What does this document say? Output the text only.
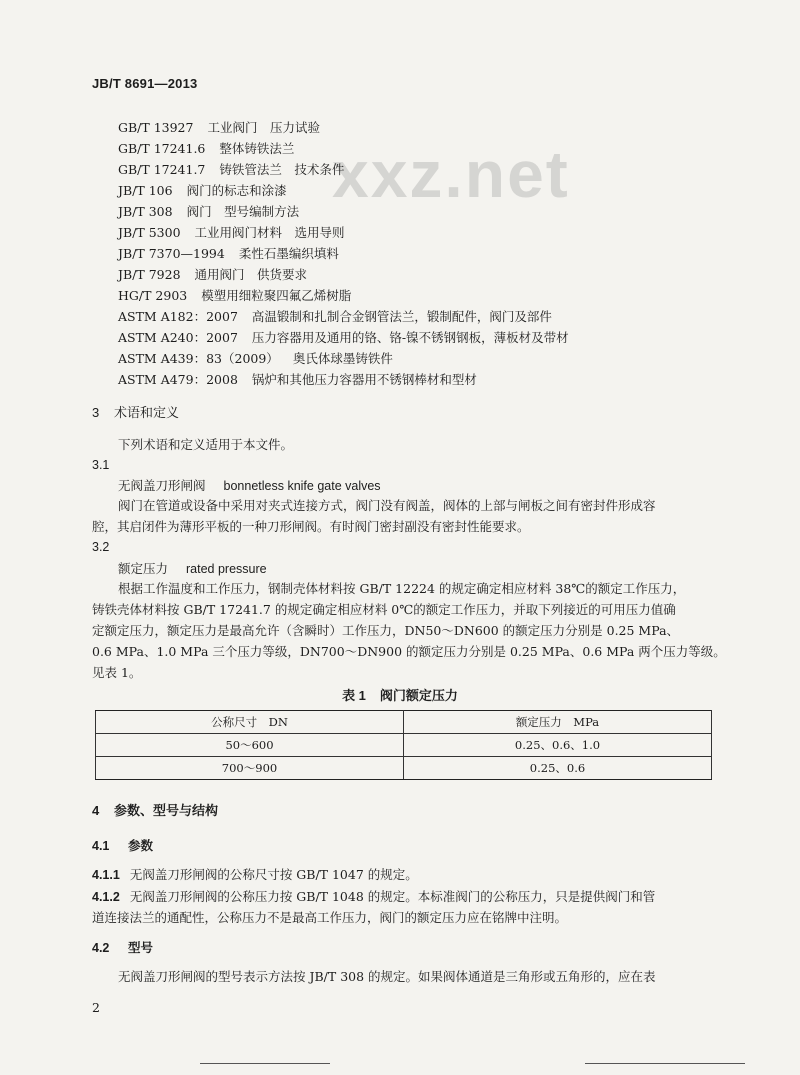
JB/T 8691—2013
xxz.net
GB/T 13927 工业阀门　压力试验
GB/T 17241.6 整体铸铁法兰
GB/T 17241.7 铸铁管法兰　技术条件
JB/T 106 阀门的标志和涂漆
JB/T 308 阀门　型号编制方法
JB/T 5300 工业用阀门材料　选用导则
JB/T 7370—1994 柔性石墨编织填料
JB/T 7928 通用阀门　供货要求
HG/T 2903 模塑用细粒聚四氟乙烯树脂
ASTM A182：2007 高温锻制和扎制合金钢管法兰，锻制配件，阀门及部件
ASTM A240：2007 压力容器用及通用的铬、铬-镍不锈钢钢板，薄板材及带材
ASTM A439：83（2009） 奥氏体球墨铸铁件
ASTM A479：2008 锅炉和其他压力容器用不锈钢棒材和型材
3 术语和定义
下列术语和定义适用于本文件。
3.1
无阀盖刀形闸阀 bonnetless knife gate valves
阀门在管道或设备中采用对夹式连接方式，阀门没有阀盖，阀体的上部与闸板之间有密封件形成容
腔，其启闭件为薄形平板的一种刀形闸阀。有时阀门密封副没有密封性能要求。
3.2
额定压力 rated pressure
根据工作温度和工作压力，钢制壳体材料按 GB/T 12224 的规定确定相应材料 38℃的额定工作压力，
铸铁壳体材料按 GB/T 17241.7 的规定确定相应材料 0℃的额定工作压力，并取下列接近的可用压力值确
定额定压力，额定压力是最高允许（含瞬时）工作压力，DN50～DN600 的额定压力分别是 0.25 MPa、
0.6 MPa、1.0 MPa 三个压力等级，DN700～DN900 的额定压力分别是 0.25 MPa、0.6 MPa 两个压力等级。
见表 1。
表 1 阀门额定压力
公称尺寸　DN	额定压力　MPa
50～600	0.25、0.6、1.0
700～900	0.25、0.6
4 参数、型号与结构
4.1 参数
4.1.1 无阀盖刀形闸阀的公称尺寸按 GB/T 1047 的规定。
4.1.2 无阀盖刀形闸阀的公称压力按 GB/T 1048 的规定。本标准阀门的公称压力，只是提供阀门和管
道连接法兰的通配性，公称压力不是最高工作压力，阀门的额定压力应在铭牌中注明。
4.2 型号
无阀盖刀形闸阀的型号表示方法按 JB/T 308 的规定。如果阀体通道是三角形或五角形的，应在表
2
